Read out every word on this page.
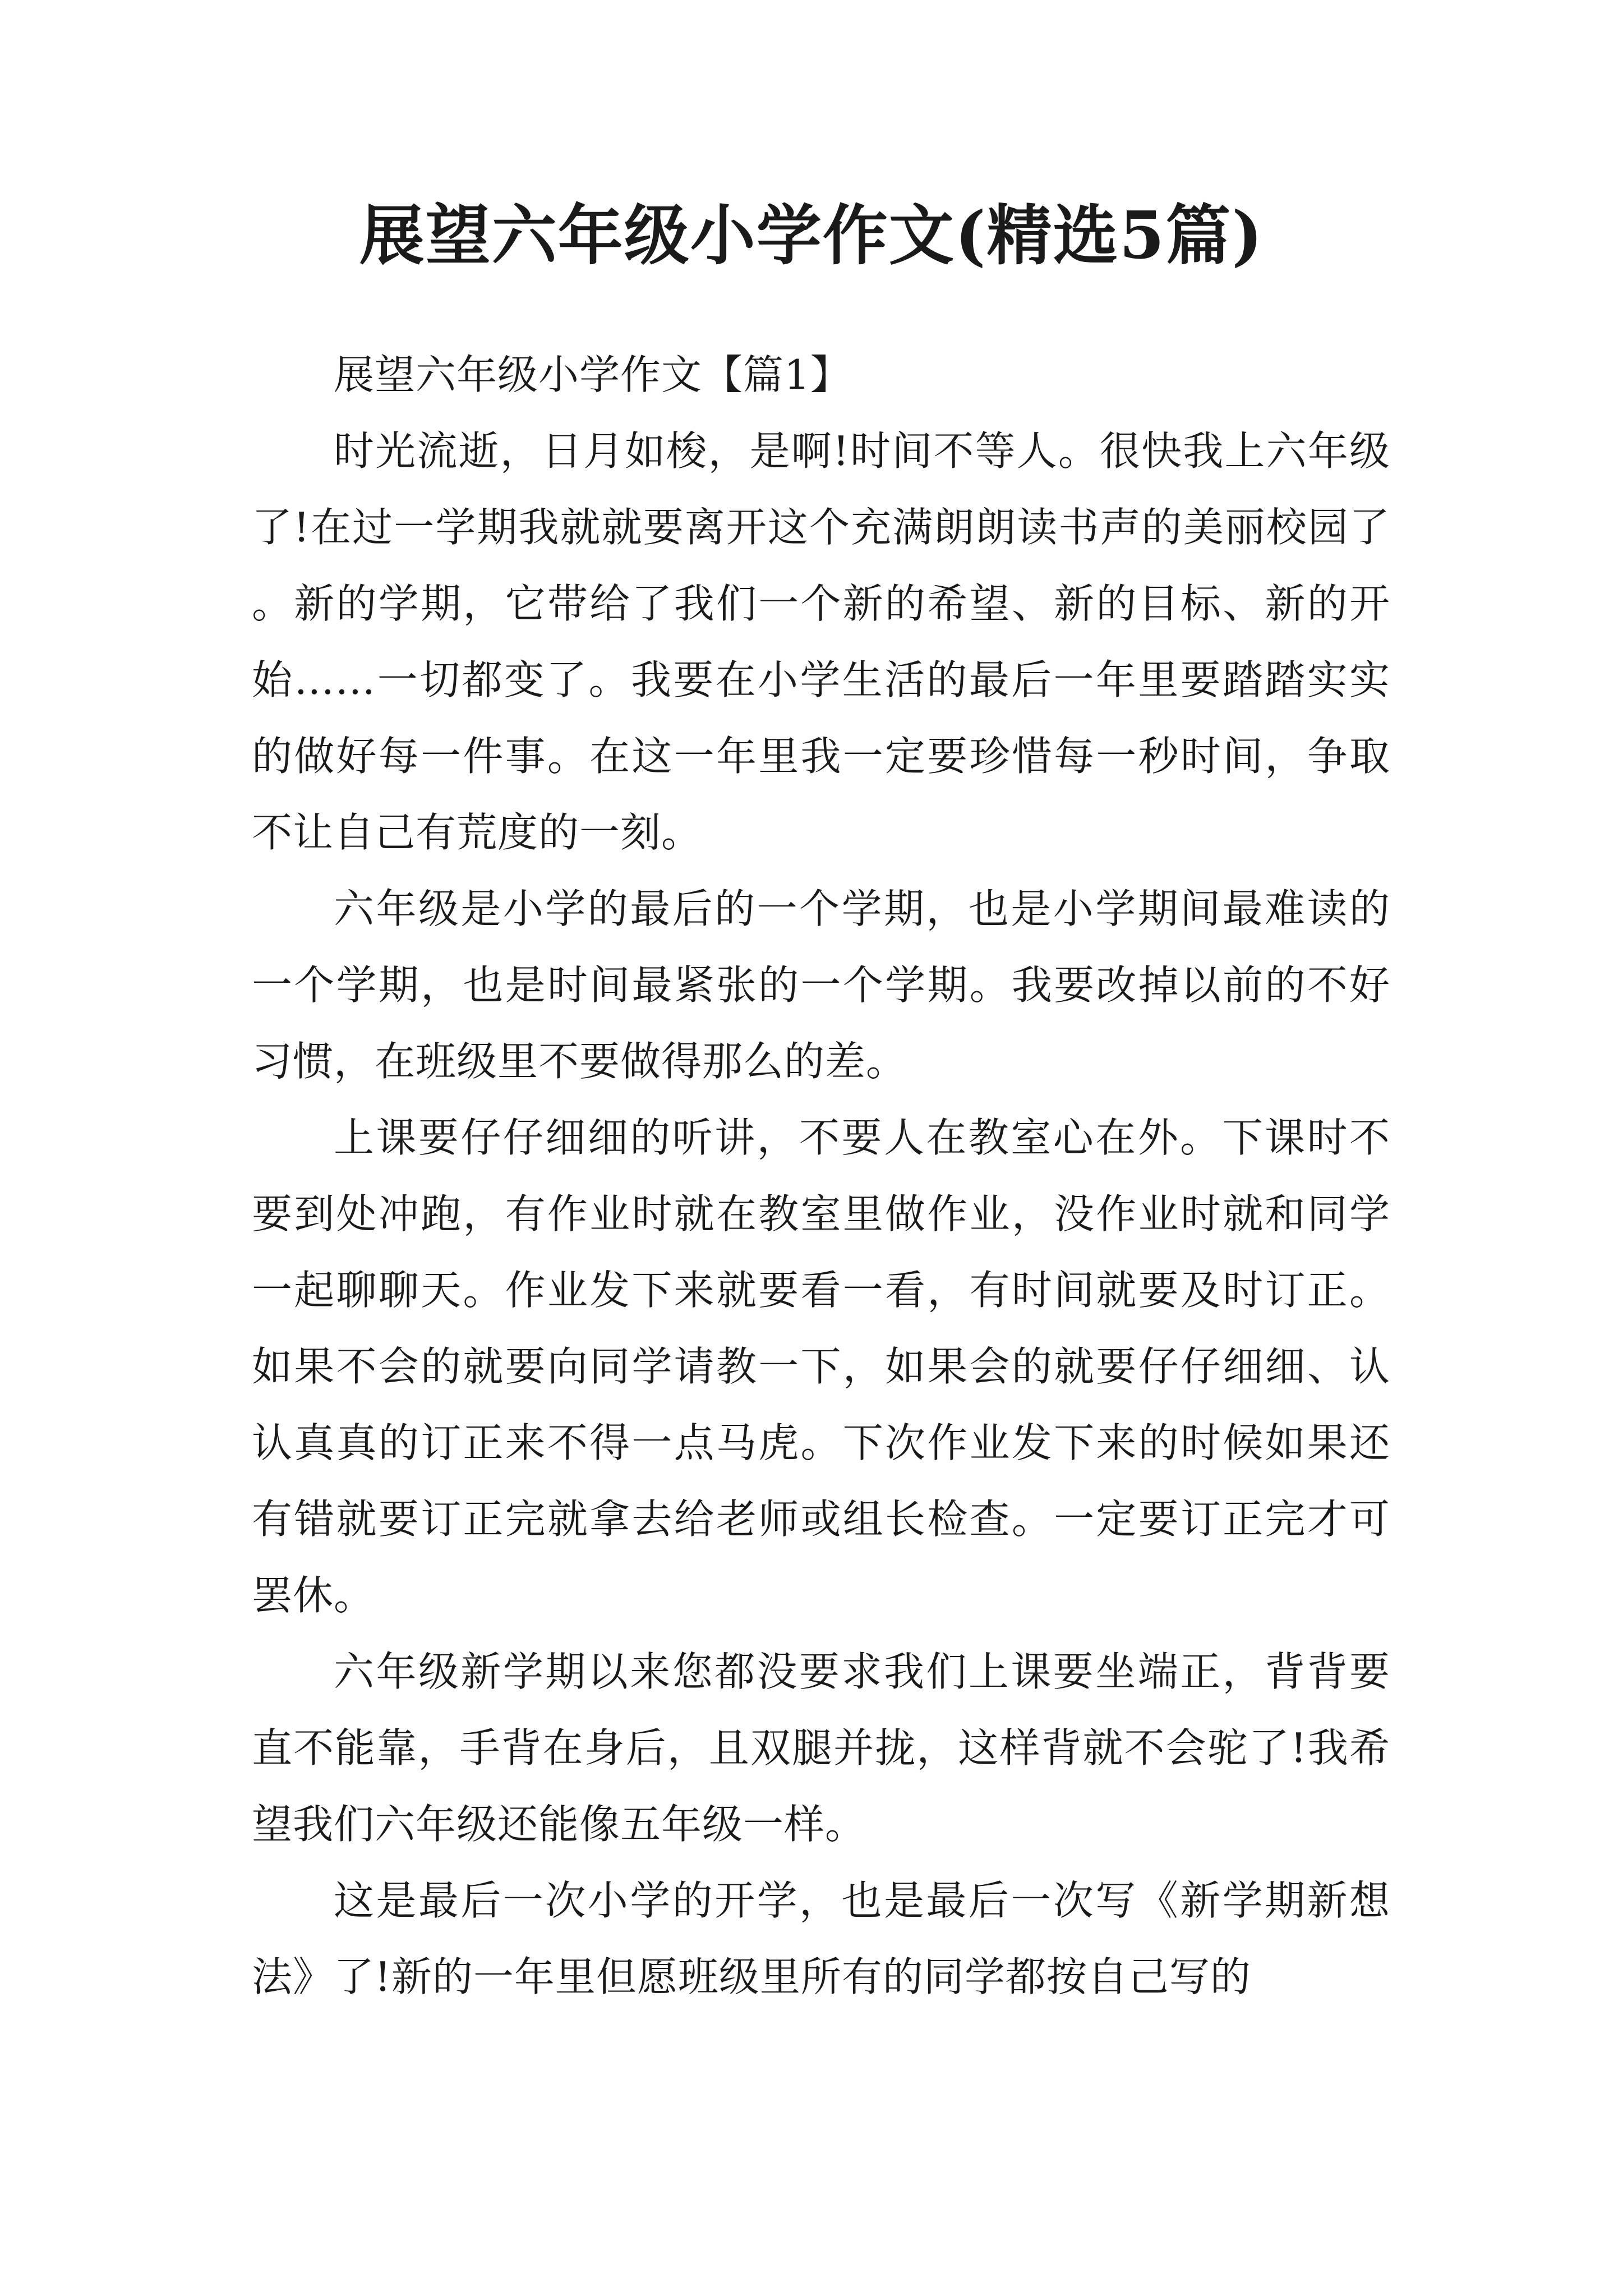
展望六年级小学作文(精选5篇)

展望六年级小学作文【篇1】

时光流逝，日月如梭，是啊!时间不等人。很快我上六年级了!在过一学期我就就要离开这个充满朗朗读书声的美丽校园了。新的学期，它带给了我们一个新的希望、新的目标、新的开始……一切都变了。我要在小学生活的最后一年里要踏踏实实的做好每一件事。在这一年里我一定要珍惜每一秒时间，争取不让自己有荒度的一刻。

六年级是小学的最后的一个学期，也是小学期间最难读的一个学期，也是时间最紧张的一个学期。我要改掉以前的不好习惯，在班级里不要做得那么的差。

上课要仔仔细细的听讲，不要人在教室心在外。下课时不要到处冲跑，有作业时就在教室里做作业，没作业时就和同学一起聊聊天。作业发下来就要看一看，有时间就要及时订正。如果不会的就要向同学请教一下，如果会的就要仔仔细细、认认真真的订正来不得一点马虎。下次作业发下来的时候如果还有错就要订正完就拿去给老师或组长检查。一定要订正完才可罢休。

六年级新学期以来您都没要求我们上课要坐端正，背背要直不能靠，手背在身后，且双腿并拢，这样背就不会驼了!我希望我们六年级还能像五年级一样。

这是最后一次小学的开学，也是最后一次写《新学期新想法》了!新的一年里但愿班级里所有的同学都按自己写的
